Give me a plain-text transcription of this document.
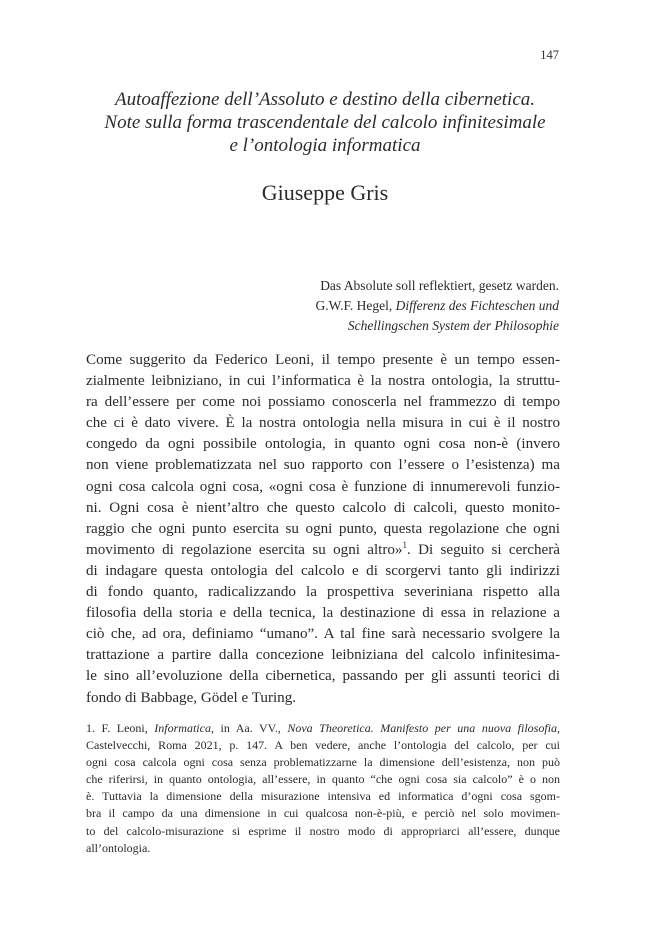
147
Autoaffezione dell’Assoluto e destino della cibernetica.
Note sulla forma trascendentale del calcolo infinitesimale
e l’ontologia informatica
Giuseppe Gris
Das Absolute soll reflektiert, gesetz warden.
G.W.F. Hegel, Differenz des Fichteschen und
Schellingschen System der Philosophie
Come suggerito da Federico Leoni, il tempo presente è un tempo essen-
zialmente leibniziano, in cui l’informatica è la nostra ontologia, la struttu-
ra dell’essere per come noi possiamo conoscerla nel frammezzo di tempo
che ci è dato vivere. È la nostra ontologia nella misura in cui è il nostro
congedo da ogni possibile ontologia, in quanto ogni cosa non-è (invero
non viene problematizzata nel suo rapporto con l’essere o l’esistenza) ma
ogni cosa calcola ogni cosa, «ogni cosa è funzione di innumerevoli funzio-
ni. Ogni cosa è nient’altro che questo calcolo di calcoli, questo monito-
raggio che ogni punto esercita su ogni punto, questa regolazione che ogni
movimento di regolazione esercita su ogni altro»$^1$. Di seguito si cercherà
di indagare questa ontologia del calcolo e di scorgervi tanto gli indirizzi
di fondo quanto, radicalizzando la prospettiva severiniana rispetto alla
filosofia della storia e della tecnica, la destinazione di essa in relazione a
ciò che, ad ora, definiamo “umano”. A tal fine sarà necessario svolgere la
trattazione a partire dalla concezione leibniziana del calcolo infinitesima-
le sino all’evoluzione della cibernetica, passando per gli assunti teorici di
fondo di Babbage, Gödel e Turing.
1. F. Leoni, Informatica, in Aa. VV., Nova Theoretica. Manifesto per una nuova filosofia,
Castelvecchi, Roma 2021, p. 147. A ben vedere, anche l’ontologia del calcolo, per cui
ogni cosa calcola ogni cosa senza problematizzarne la dimensione dell’esistenza, non può
che riferirsi, in quanto ontologia, all’essere, in quanto “che ogni cosa sia calcolo” è o non
è. Tuttavia la dimensione della misurazione intensiva ed informatica d’ogni cosa sgom-
bra il campo da una dimensione in cui qualcosa non-è-più, e perciò nel solo movimen-
to del calcolo-misurazione si esprime il nostro modo di appropriarci all’essere, dunque
all’ontologia.
